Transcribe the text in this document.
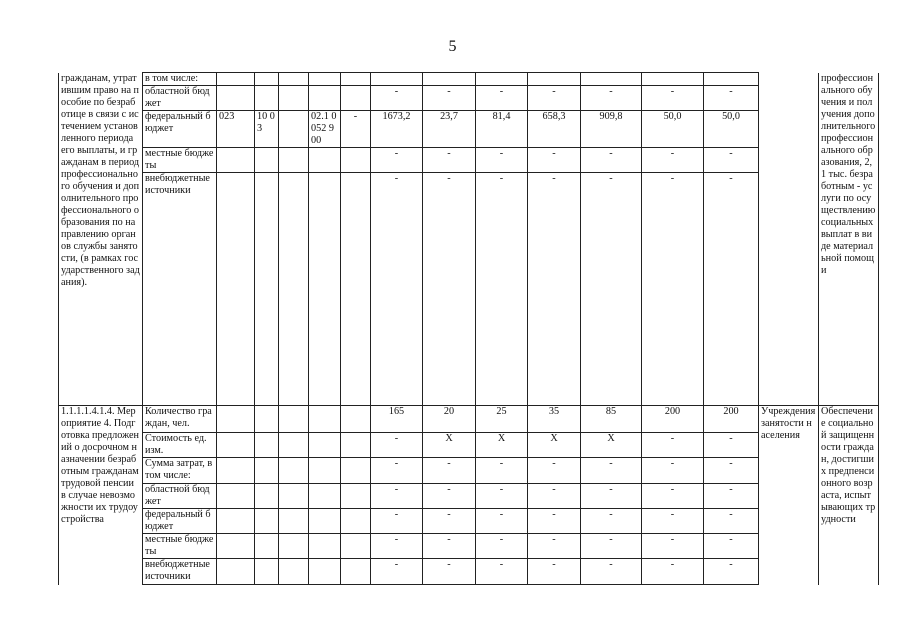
5
гражданам, утратившим право на пособие по безработице в связи с истечением установленного периода его выплаты, и гражданам в период профессионального обучения и дополнительного профессионального образования по направлению органов службы занятости, (в рамках государственного задания).	в том числе:														профессионального обучения и получения дополнительного профессионального образования, 2,1 тыс. безработным - услуги по осуществлению социальных выплат в виде материальной помощи
	областной бюджет						-	-	-	-	-	-	-		
	федеральный бюджет	023	10 03		02.1 0052 900	-	1673,2	23,7	81,4	658,3	909,8	50,0	50,0		
	местные бюджеты						-	-	-	-	-	-	-		
	внебюджетные источники						-	-	-	-	-	-	-		
1.1.1.1.4.1.4. Мероприятие 4. Подготовка предложений о досрочном назначении безработным гражданам трудовой пенсии в случае невозможности их трудоустройства	Количество граждан, чел.						165	20	25	35	85	200	200	Учреждения занятости населения	Обеспечение социальной защищенности граждан, достигших предпенсионного возраста, испытывающих трудности
	Стоимость ед. изм.						-	X	X	X	X	-	-		
	Сумма затрат, в том числе:						-	-	-	-	-	-	-		
	областной бюджет						-	-	-	-	-	-	-		
	федеральный бюджет						-	-	-	-	-	-	-		
	местные бюджеты						-	-	-	-	-	-	-		
	внебюджетные источники						-	-	-	-	-	-	-		
